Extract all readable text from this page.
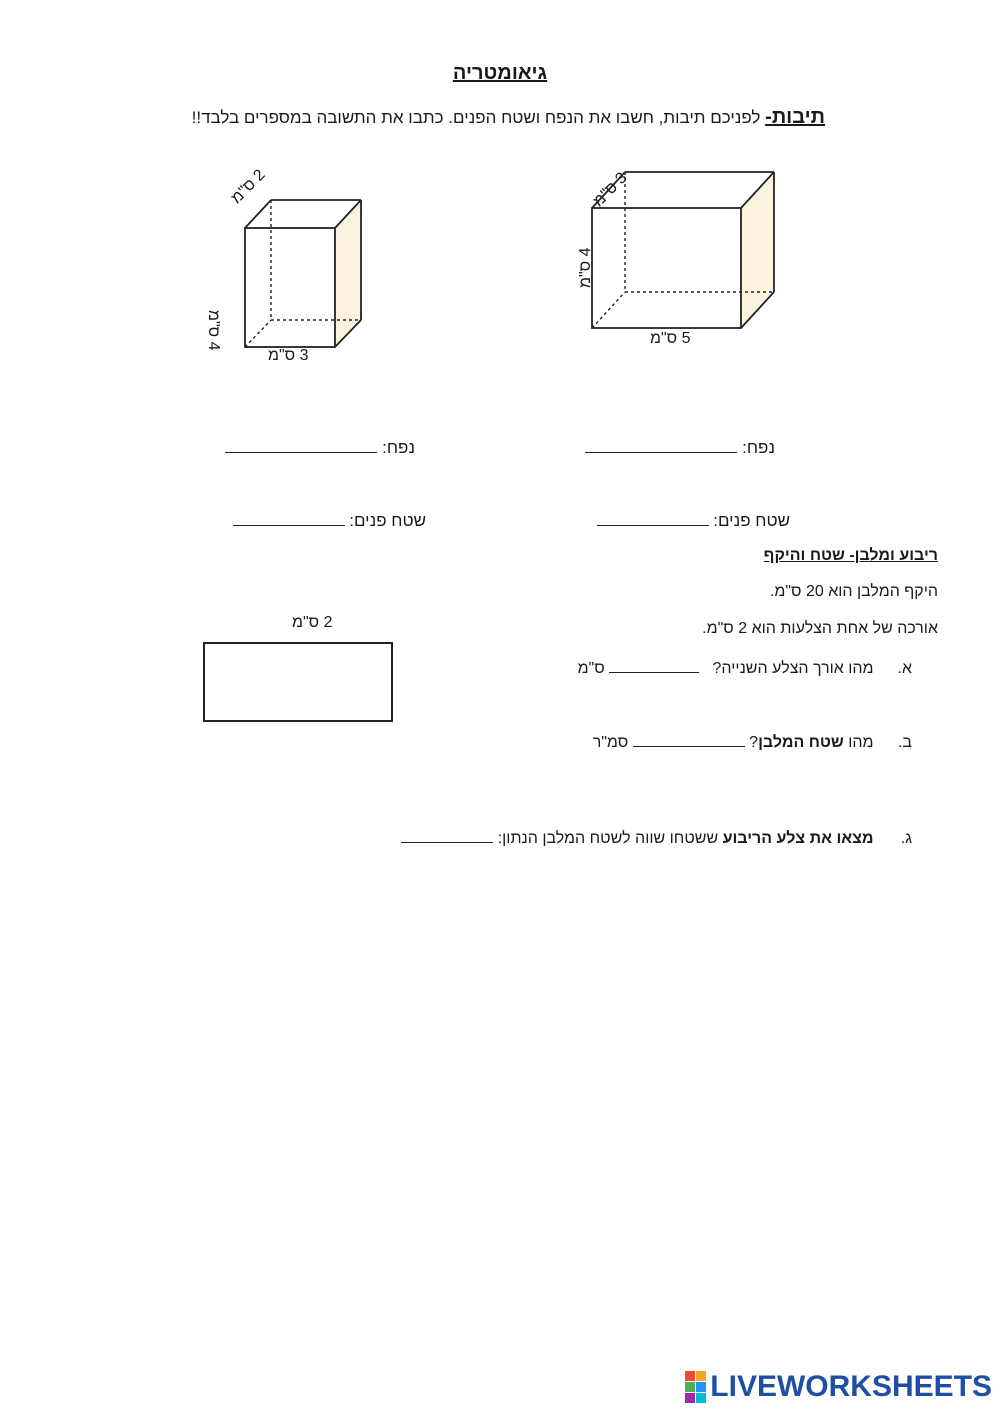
גיאומטריה
תיבות- לפניכם תיבות, חשבו את הנפח ושטח הפנים. כתבו את התשובה במספרים בלבד!!
2 ס"מ
4 ס"מ
3 ס"מ
3 ס"מ
4 ס"מ
5 ס"מ
נפח:	נפח:
שטח פנים:	שטח פנים:
ריבוע ומלבן- שטח והיקף
היקף המלבן הוא 20 ס"מ.
אורכה של אחת הצלעות הוא 2 ס"מ.
2 ס"מ
א. מהו אורך הצלע השנייה?    ס"מ
ב. מהו שטח המלבן?  סמ"ר
ג. מצאו את צלע הריבוע ששטחו שווה לשטח המלבן הנתון:
LIVEWORKSHEETS
